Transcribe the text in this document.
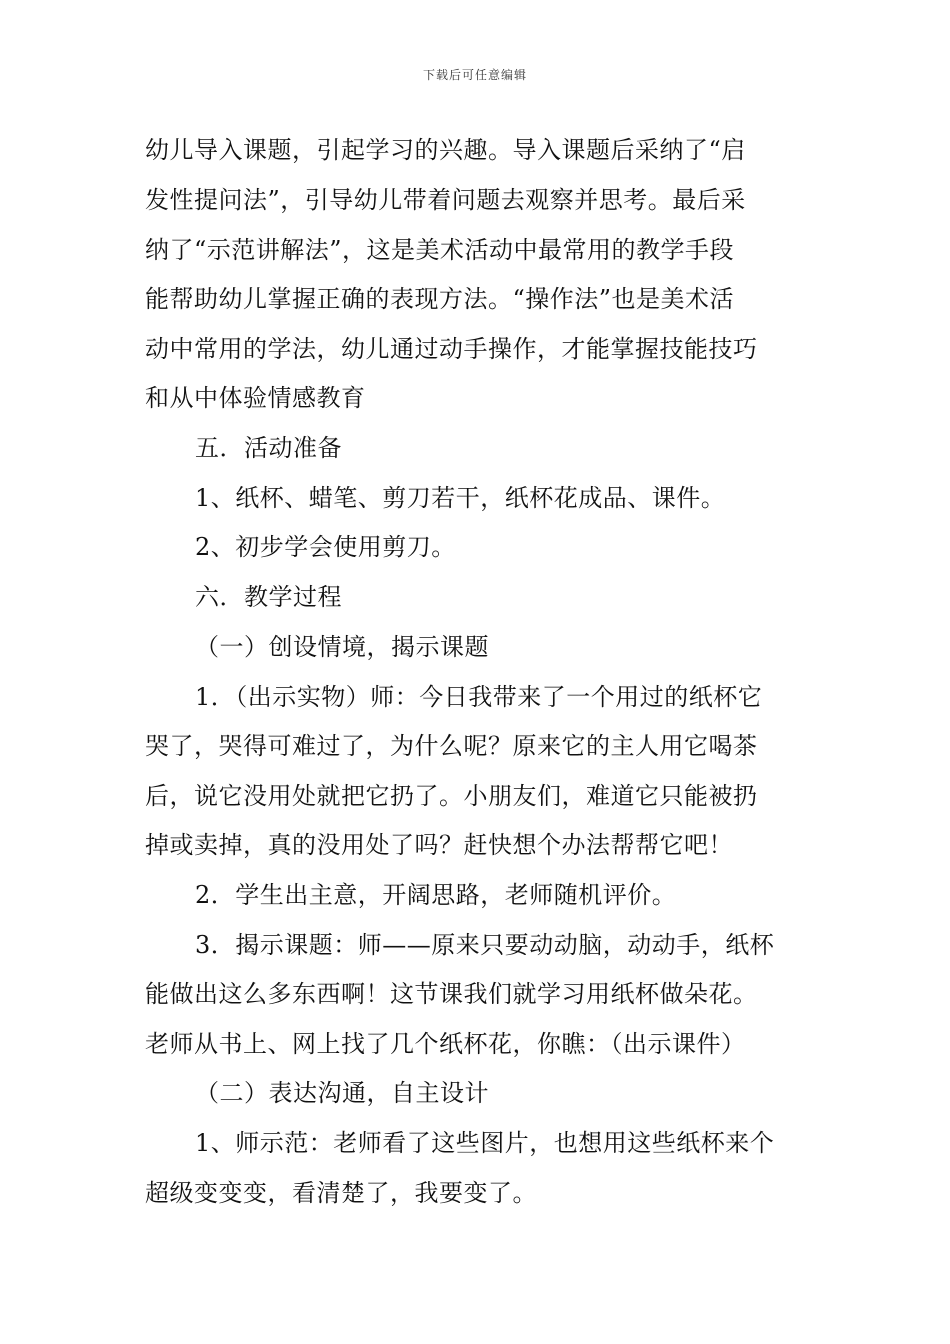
下载后可任意编辑
幼儿导入课题，引起学习的兴趣。导入课题后采纳了“启
发性提问法”，引导幼儿带着问题去观察并思考。最后采
纳了“示范讲解法”，这是美术活动中最常用的教学手段
能帮助幼儿掌握正确的表现方法。“操作法”也是美术活
动中常用的学法，幼儿通过动手操作，才能掌握技能技巧
和从中体验情感教育
五．活动准备
1、纸杯、蜡笔、剪刀若干，纸杯花成品、课件。
2、初步学会使用剪刀。
六．教学过程
（一）创设情境，揭示课题
1．（出示实物）师：今日我带来了一个用过的纸杯它
哭了，哭得可难过了，为什么呢？原来它的主人用它喝茶
后，说它没用处就把它扔了。小朋友们，难道它只能被扔
掉或卖掉，真的没用处了吗？赶快想个办法帮帮它吧！
2．学生出主意，开阔思路，老师随机评价。
3．揭示课题：师——原来只要动动脑，动动手，纸杯
能做出这么多东西啊！这节课我们就学习用纸杯做朵花。
老师从书上、网上找了几个纸杯花，你瞧：（出示课件）
（二）表达沟通，自主设计
1、师示范：老师看了这些图片，也想用这些纸杯来个
超级变变变，看清楚了，我要变了。
